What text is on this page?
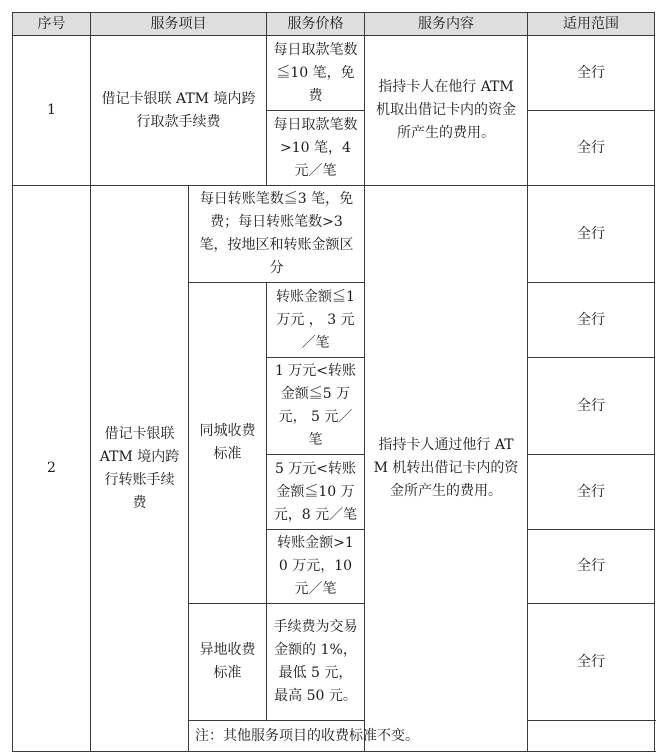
序号	服务项目		服务价格	服务内容	适用范围
1	借记卡银联 ATM 境内跨行取款手续费		每日取款笔数≦10 笔，免费	指持卡人在他行 ATM 机取出借记卡内的资金所产生的费用。	全行
			每日取款笔数>10 笔，4 元／笔		全行
2	借记卡银联 ATM 境内跨行转账手续费	每日转账笔数≦3 笔，免费；每日转账笔数>3 笔，按地区和转账金额区分		指持卡人通过他行 ATM 机转出借记卡内的资金所产生的费用。	全行
		同城收费标准	转账金额≦1 万元 ， 3 元／笔		全行
			1 万元<转账金额≦5 万元， 5 元／笔		全行
			5 万元<转账金额≦10 万元，8 元／笔		全行
			转账金额>10 万元，10 元／笔		全行
		异地收费标准	手续费为交易金额的 1%，最低 5 元，最高 50 元。		全行
		注：其他服务项目的收费标准不变。			
